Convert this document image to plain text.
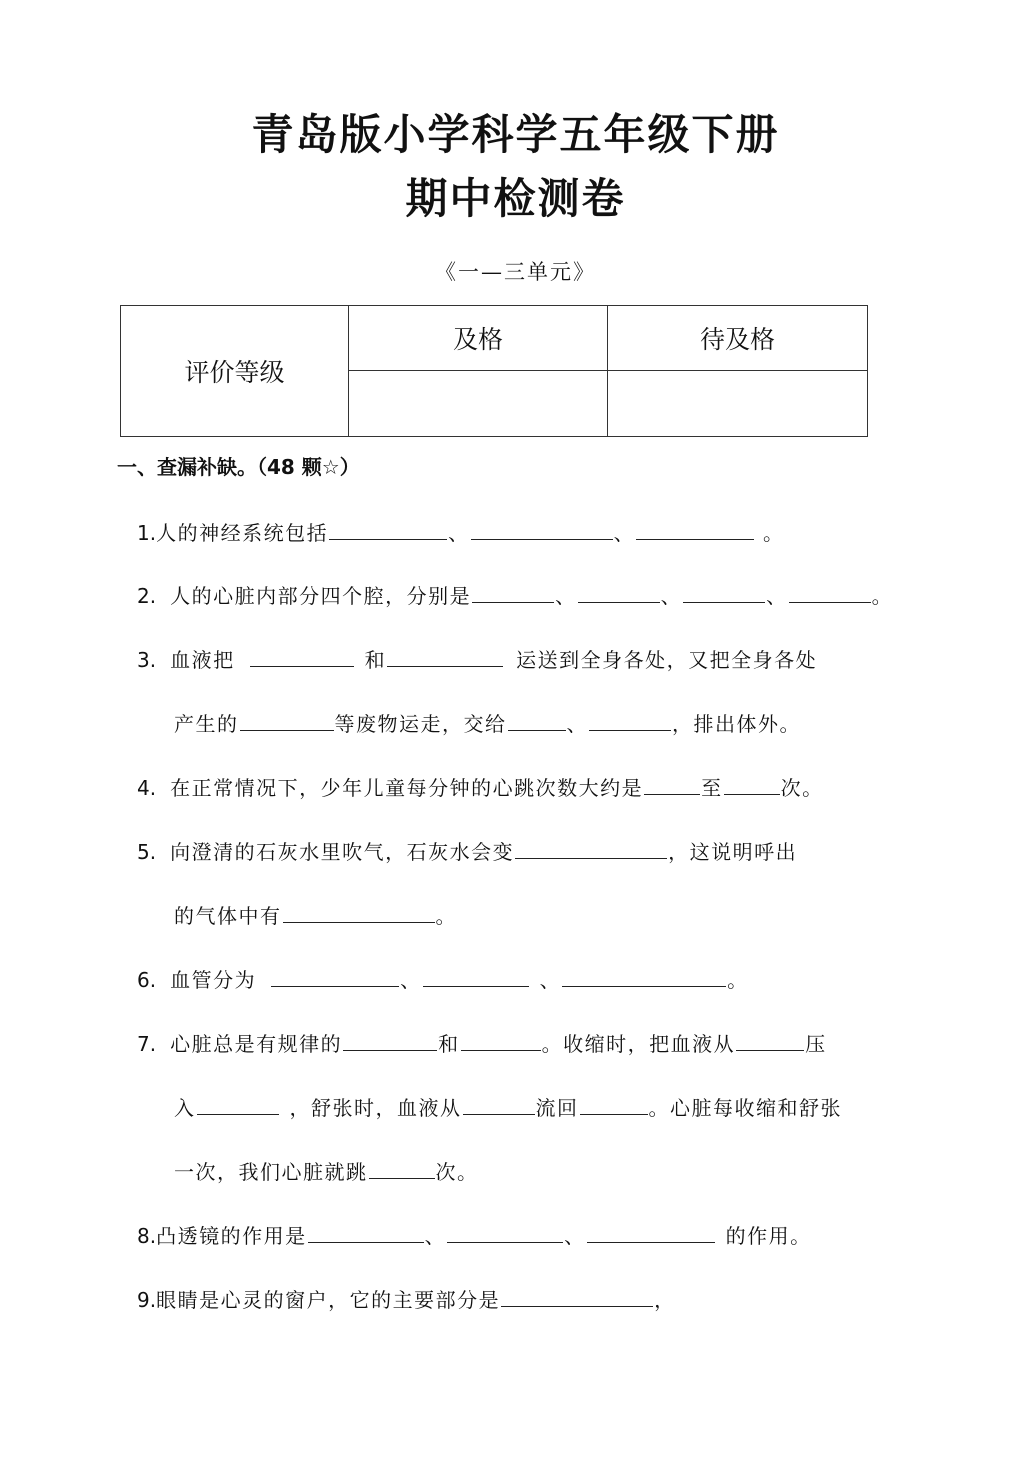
青岛版小学科学五年级下册
期中检测卷
《一—三单元》
评价等级	及格	待及格

一、查漏补缺。（48 颗☆）
1.人的神经系统包括	、	、	。
2. 人的心脏内部分四个腔，分别是	、	、	、	。
3. 血液把	和	运送到全身各处，又把全身各处
产生的	等废物运走，交给	、	，排出体外。
4. 在正常情况下，少年儿童每分钟的心跳次数大约是	至	次。
5. 向澄清的石灰水里吹气，石灰水会变	，这说明呼出
的气体中有	。
6. 血管分为	、	、	。
7. 心脏总是有规律的	和	。收缩时，把血液从	压
入	，舒张时，血液从	流回	。心脏每收缩和舒张
一次，我们心脏就跳	次。
8.凸透镜的作用是	、	、	的作用。
9.眼睛是心灵的窗户，它的主要部分是	，
